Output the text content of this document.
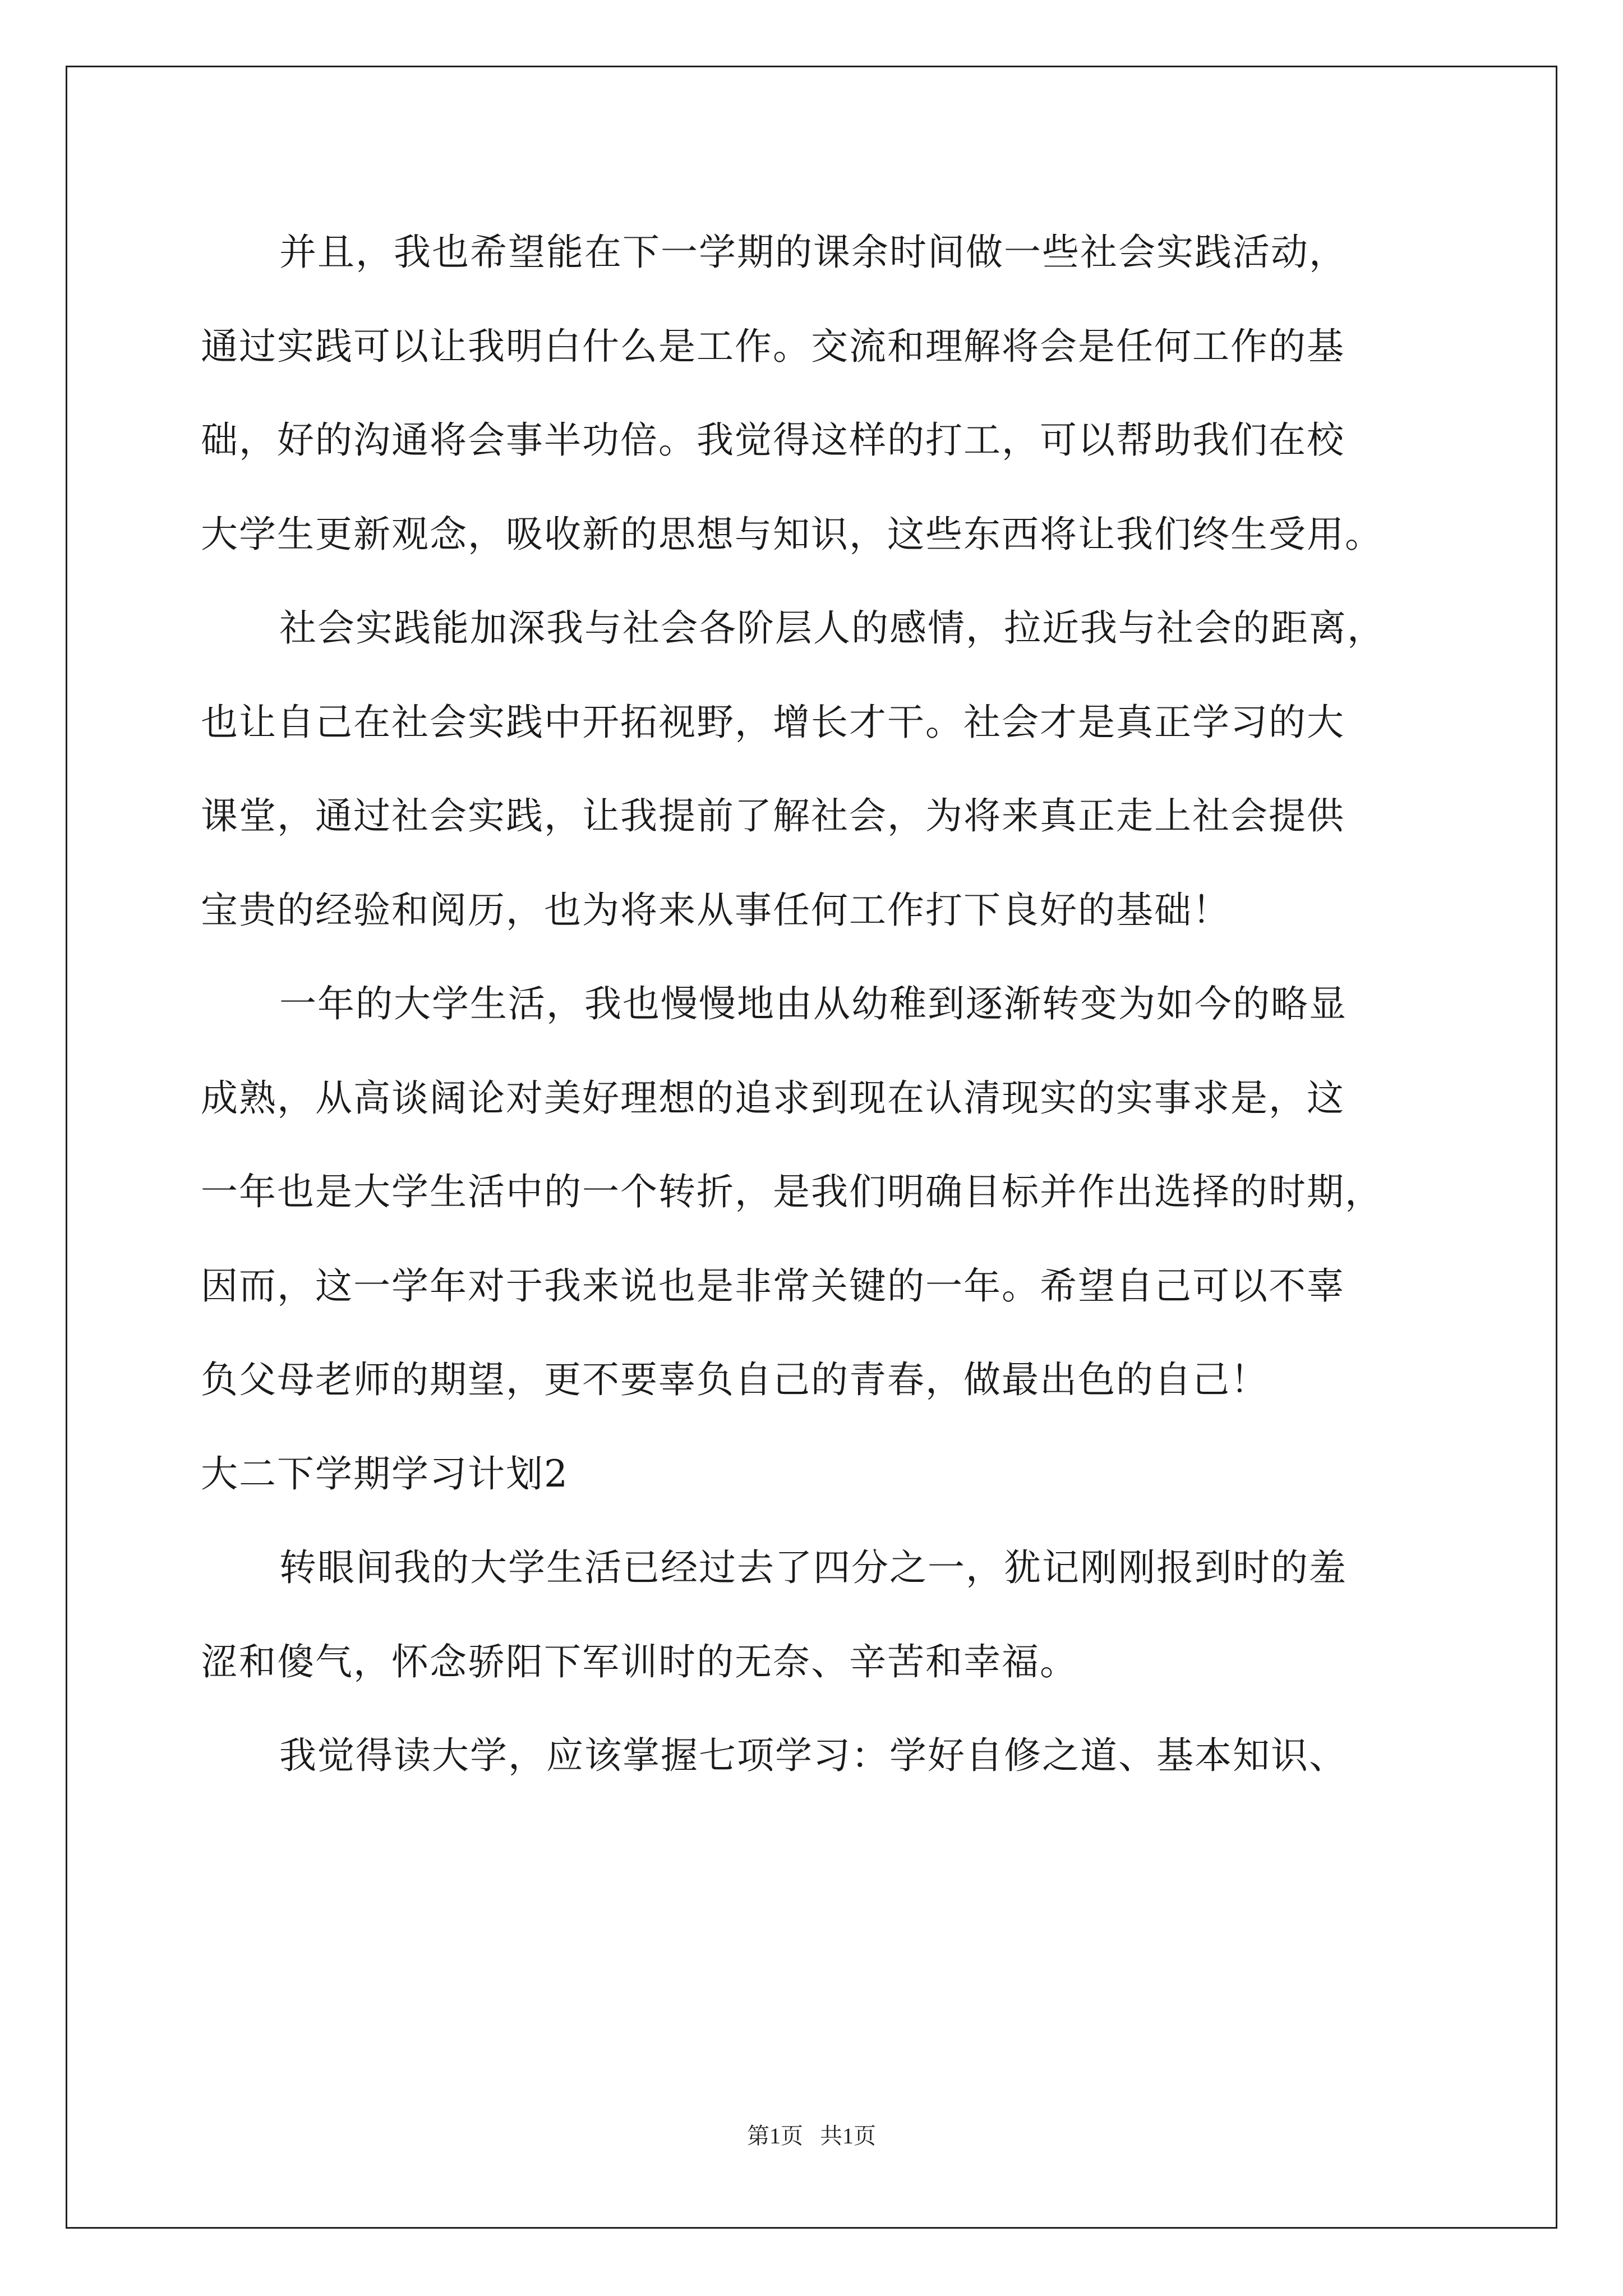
并且，我也希望能在下一学期的课余时间做一些社会实践活动，
通过实践可以让我明白什么是工作。交流和理解将会是任何工作的基
础，好的沟通将会事半功倍。我觉得这样的打工，可以帮助我们在校
大学生更新观念，吸收新的思想与知识，这些东西将让我们终生受用。
社会实践能加深我与社会各阶层人的感情，拉近我与社会的距离，
也让自己在社会实践中开拓视野，增长才干。社会才是真正学习的大
课堂，通过社会实践，让我提前了解社会，为将来真正走上社会提供
宝贵的经验和阅历，也为将来从事任何工作打下良好的基础！
一年的大学生活，我也慢慢地由从幼稚到逐渐转变为如今的略显
成熟，从高谈阔论对美好理想的追求到现在认清现实的实事求是，这
一年也是大学生活中的一个转折，是我们明确目标并作出选择的时期，
因而，这一学年对于我来说也是非常关键的一年。希望自己可以不辜
负父母老师的期望，更不要辜负自己的青春，做最出色的自己！
大二下学期学习计划2
转眼间我的大学生活已经过去了四分之一，犹记刚刚报到时的羞
涩和傻气，怀念骄阳下军训时的无奈、辛苦和幸福。
我觉得读大学，应该掌握七项学习：学好自修之道、基本知识、
第1页   共1页
